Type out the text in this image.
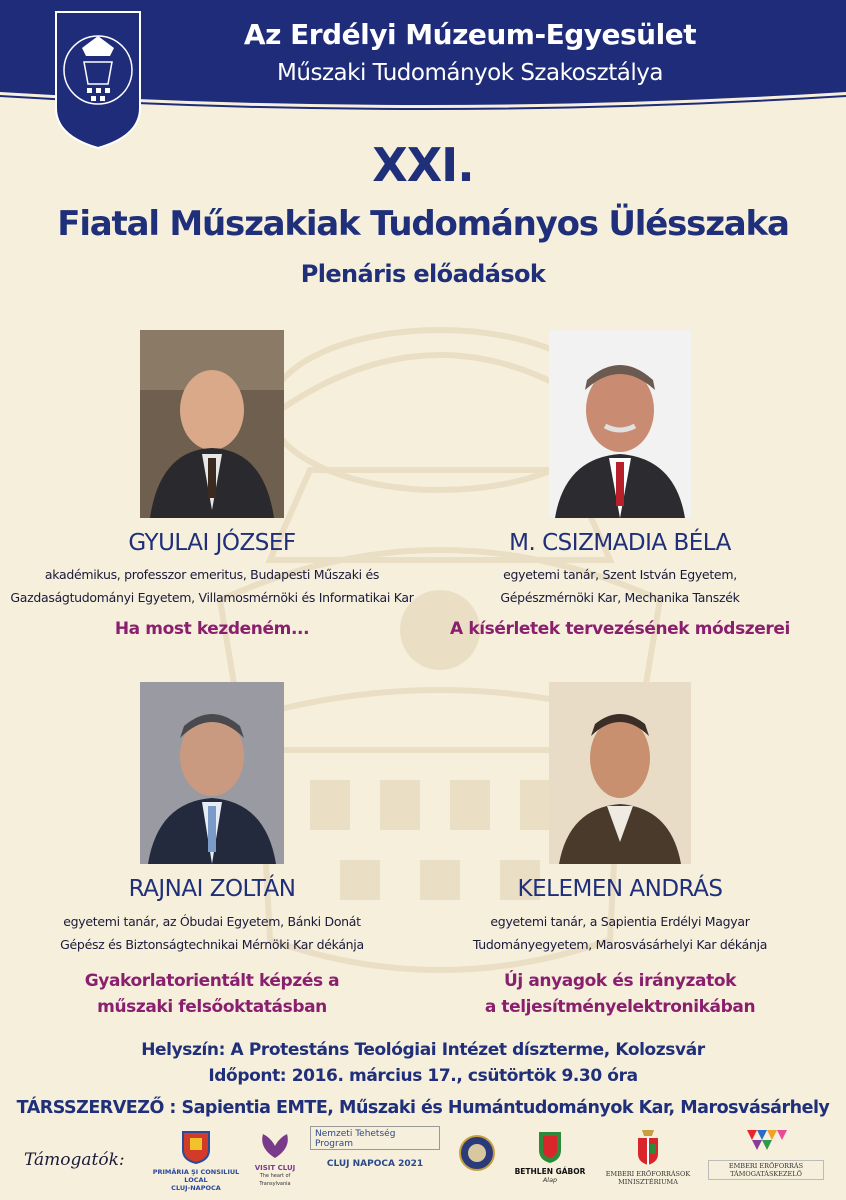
Az Erdélyi Múzeum-Egyesület
Műszaki Tudományok Szakosztálya
XXI.
Fiatal Műszakiak Tudományos Ülésszaka
Plenáris előadások
GYULAI JÓZSEF
akadémikus, professzor emeritus, Budapesti Műszaki és
Gazdaságtudományi Egyetem, Villamosmérnöki és Informatikai Kar
Ha most kezdeném...
M. CSIZMADIA BÉLA
egyetemi tanár, Szent István Egyetem,
Gépészmérnöki Kar, Mechanika Tanszék
A kísérletek tervezésének módszerei
RAJNAI ZOLTÁN
egyetemi tanár, az Óbudai Egyetem, Bánki Donát
Gépész és Biztonságtechnikai Mérnöki Kar dékánja
Gyakorlatorientált képzés a
műszaki felsőoktatásban
KELEMEN ANDRÁS
egyetemi tanár, a Sapientia Erdélyi Magyar
Tudományegyetem, Marosvásárhelyi Kar dékánja
Új anyagok és irányzatok
a teljesítményelektronikában
Helyszín: A Protestáns Teológiai Intézet díszterme, Kolozsvár
Időpont: 2016. március 17., csütörtök 9.30 óra
TÁRSSZERVEZŐ : Sapientia EMTE, Műszaki és Humántudományok Kar, Marosvásárhely
Támogatók:
PRIMĂRIA ŞI CONSILIUL LOCAL
CLUJ-NAPOCA
VISIT CLUJ
The heart of Transylvania
Nemzeti Tehetség Program
CLUJ NAPOCA 2021
BETHLEN GÁBOR
Alap
EMBERI ERŐFORRÁSOK
MINISZTÉRIUMA
EMBERI ERŐFORRÁS
TÁMOGATÁSKEZELŐ
